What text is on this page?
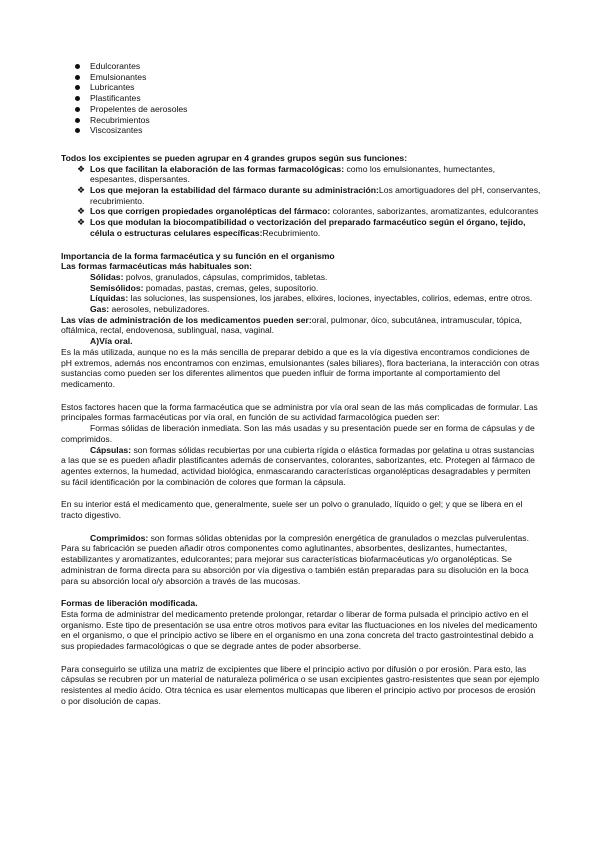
Edulcorantes
Emulsionantes
Lubricantes
Plastificantes
Propelentes de aerosoles
Recubrimientos
Viscosizantes

Todos los excipientes se pueden agrupar en 4 grandes grupos según sus funciones:

❖ Los que facilitan la elaboración de las formas farmacológicas: como los emulsionantes, humectantes, espesantes, dispersantes.
❖ Los que mejoran la estabilidad del fármaco durante su administración:Los amortiguadores del pH, conservantes, recubrimiento.
❖ Los que corrigen propiedades organolépticas del fármaco: colorantes, saborizantes, aromatizantes, edulcorantes
❖ Los que modulan la biocompatibilidad o vectorización del preparado farmacéutico según el órgano, tejido, célula o estructuras celulares específicas:Recubrimiento.

Importancia de la forma farmacéutica y su función en el organismo

Las formas farmacéuticas más habituales son:

Sólidas: polvos, granulados, cápsulas, comprimidos, tabletas.

Semisólidos: pomadas, pastas, cremas, geles, supositorio.

Líquidas: las soluciones, las suspensiones, los jarabes, elixires, lociones, inyectables, colirios, edemas, entre otros.

Gas: aerosoles, nebulizadores.

Las vías de administración de los medicamentos pueden ser:oral, pulmonar, óico, subcutánea, intramuscular, tópica, oftálmica, rectal, endovenosa, sublingual, nasa, vaginal.

A)Vía oral.

Es la más utilizada, aunque no es la más sencilla de preparar debido a que es la vía digestiva encontramos condiciones de pH extremos, además nos encontramos con enzimas, emulsionantes (sales biliares), flora bacteriana, la interacción con otras sustancias como pueden ser los diferentes alimentos que pueden influir de forma importante al comportamiento del medicamento.

Estos factores hacen que la forma farmacéutica que se administra por vía oral sean de las más complicadas de formular. Las principales formas farmacéuticas por vía oral, en función de su actividad farmacológica pueden ser:

Formas sólidas de liberación inmediata. Son las más usadas y su presentación puede ser en forma de cápsulas y de comprimidos.

Cápsulas: son formas sólidas recubiertas por una cubierta rígida o elástica formadas por gelatina u otras sustancias a las que se es pueden añadir plastificantes además de conservantes, colorantes, saborizantes, etc. Protegen al fármaco de agentes externos, la humedad, actividad biológica, enmascarando características organolépticas desagradables y permiten su fácil identificación por la combinación de colores que forman la cápsula.

En su interior está el medicamento que, generalmente, suele ser un polvo o granulado, líquido o gel; y que se libera en el tracto digestivo.

Comprimidos: son formas sólidas obtenidas por la compresión energética de granulados o mezclas pulverulentas. Para su fabricación se pueden añadir otros componentes como aglutinantes, absorbentes, deslizantes, humectantes, estabilizantes y aromatizantes, edulcorantes; para mejorar sus características biofarmacéuticas y/o organolépticas. Se administran de forma directa para su absorción por vía digestiva o también están preparadas para su disolución en la boca para su absorción local o/y absorción a través de las mucosas.

Formas de liberación modificada.

Esta forma de administrar del medicamento pretende prolongar, retardar o liberar de forma pulsada el principio activo en el organismo. Este tipo de presentación se usa entre otros motivos para evitar las fluctuaciones en los niveles del medicamento en el organismo, o que el principio activo se libere en el organismo en una zona concreta del tracto gastrointestinal debido a sus propiedades farmacológicas o que se degrade antes de poder absorberse.

Para conseguirlo se utiliza una matriz de excipientes que libere el principio activo por difusión o por erosión. Para esto, las cápsulas se recubren por un material de naturaleza polimérica o se usan excipientes gastro-resistentes que sean por ejemplo resistentes al medio ácido. Otra técnica es usar elementos multicapas que liberen el principio activo por procesos de erosión o por disolución de capas.
